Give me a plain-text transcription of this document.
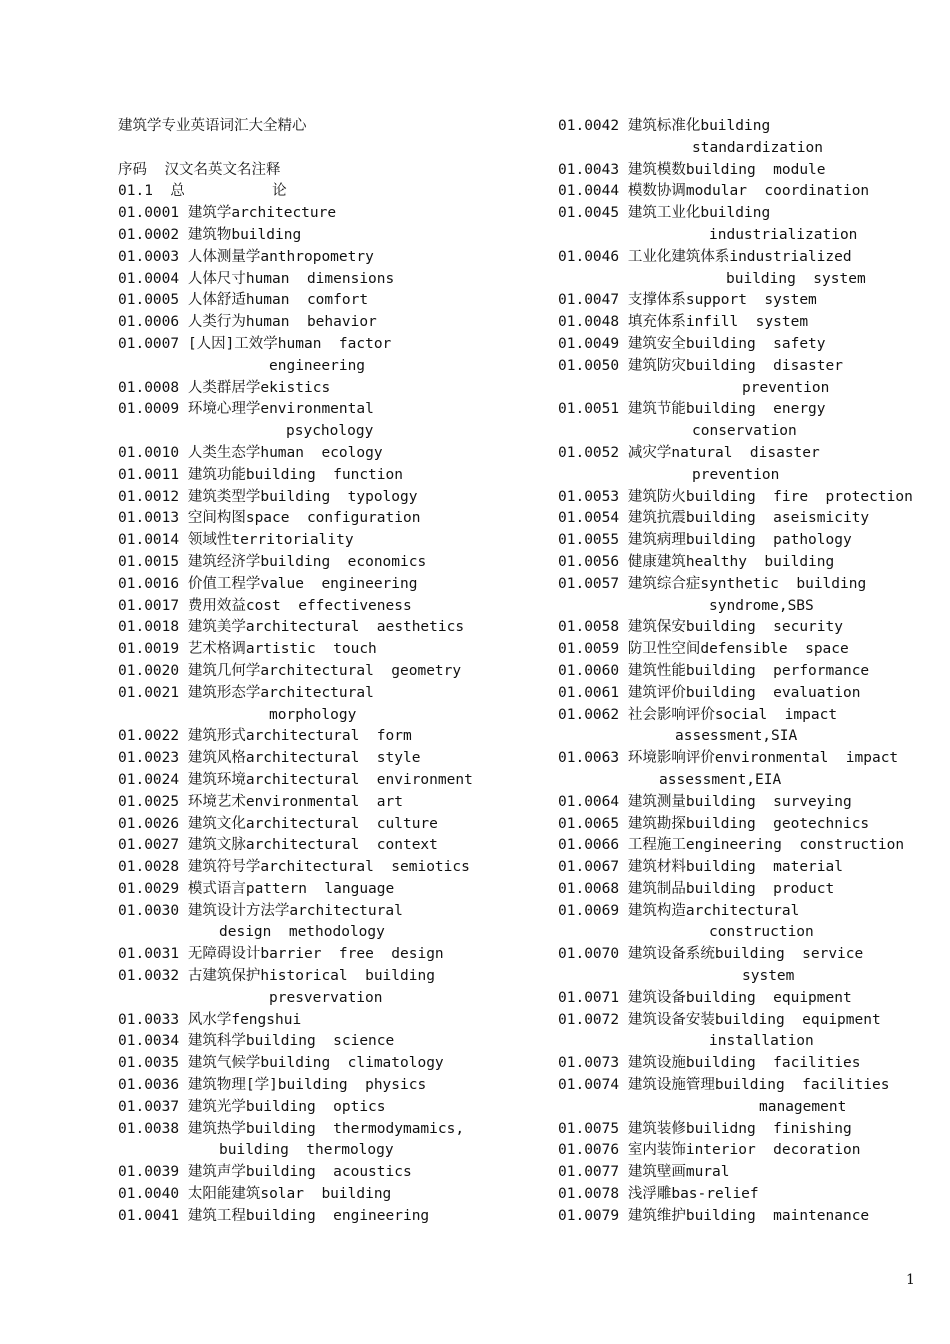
建筑学专业英语词汇大全精心
序码  汉文名英文名注释
01.1  总          论
01.0001 建筑学architecture
01.0002 建筑物building
01.0003 人体测量学anthropometry
01.0004 人体尺寸human  dimensions
01.0005 人体舒适human  comfort
01.0006 人类行为human  behavior
01.0007 [人因]工效学human  factor
engineering
01.0008 人类群居学ekistics
01.0009 环境心理学environmental
psychology
01.0010 人类生态学human  ecology
01.0011 建筑功能building  function
01.0012 建筑类型学building  typology
01.0013 空间构图space  configuration
01.0014 领域性territoriality
01.0015 建筑经济学building  economics
01.0016 价值工程学value  engineering
01.0017 费用效益cost  effectiveness
01.0018 建筑美学architectural  aesthetics
01.0019 艺术格调artistic  touch
01.0020 建筑几何学architectural  geometry
01.0021 建筑形态学architectural
morphology
01.0022 建筑形式architectural  form
01.0023 建筑风格architectural  style
01.0024 建筑环境architectural  environment
01.0025 环境艺术environmental  art
01.0026 建筑文化architectural  culture
01.0027 建筑文脉architectural  context
01.0028 建筑符号学architectural  semiotics
01.0029 模式语言pattern  language
01.0030 建筑设计方法学architectural
design  methodology
01.0031 无障碍设计barrier  free  design
01.0032 古建筑保护historical  building
presvervation
01.0033 风水学fengshui
01.0034 建筑科学building  science
01.0035 建筑气候学building  climatology
01.0036 建筑物理[学]building  physics
01.0037 建筑光学building  optics
01.0038 建筑热学building  thermodymamics,
building  thermology
01.0039 建筑声学building  acoustics
01.0040 太阳能建筑solar  building
01.0041 建筑工程building  engineering
01.0042 建筑标准化building
standardization
01.0043 建筑模数building  module
01.0044 模数协调modular  coordination
01.0045 建筑工业化building
industrialization
01.0046 工业化建筑体系industrialized
building  system
01.0047 支撑体系support  system
01.0048 填充体系infill  system
01.0049 建筑安全building  safety
01.0050 建筑防灾building  disaster
prevention
01.0051 建筑节能building  energy
conservation
01.0052 减灾学natural  disaster
prevention
01.0053 建筑防火building  fire  protection
01.0054 建筑抗震building  aseismicity
01.0055 建筑病理building  pathology
01.0056 健康建筑healthy  building
01.0057 建筑综合症synthetic  building
syndrome,SBS
01.0058 建筑保安building  security
01.0059 防卫性空间defensible  space
01.0060 建筑性能building  performance
01.0061 建筑评价building  evaluation
01.0062 社会影响评价social  impact
assessment,SIA
01.0063 环境影响评价environmental  impact
assessment,EIA
01.0064 建筑测量building  surveying
01.0065 建筑勘探building  geotechnics
01.0066 工程施工engineering  construction
01.0067 建筑材料building  material
01.0068 建筑制品building  product
01.0069 建筑构造architectural
construction
01.0070 建筑设备系统building  service
system
01.0071 建筑设备building  equipment
01.0072 建筑设备安装building  equipment
installation
01.0073 建筑设施building  facilities
01.0074 建筑设施管理building  facilities
management
01.0075 建筑装修builidng  finishing
01.0076 室内装饰interior  decoration
01.0077 建筑壁画mural
01.0078 浅浮雕bas-relief
01.0079 建筑维护building  maintenance
1
